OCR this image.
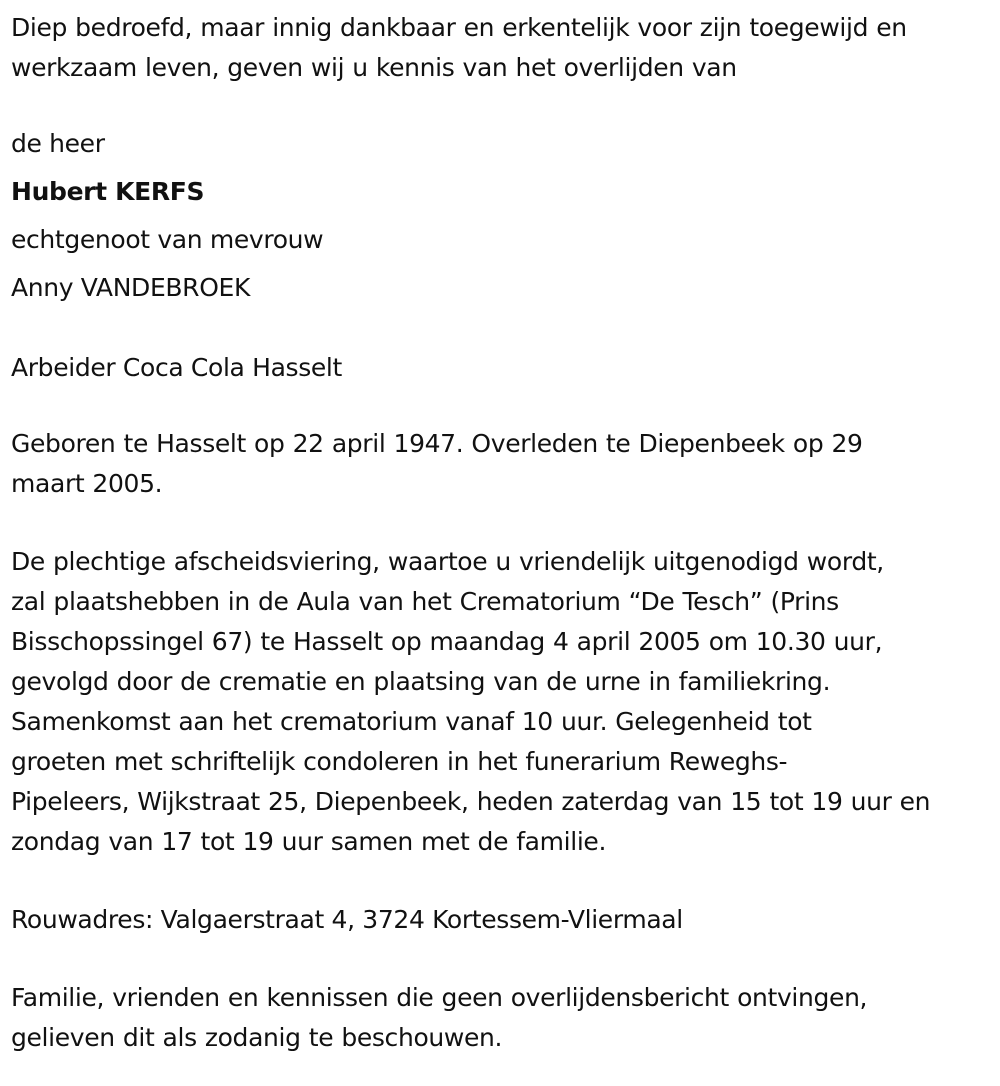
Diep bedroefd, maar innig dankbaar en erkentelijk voor zijn toegewijd en
werkzaam leven, geven wij u kennis van het overlijden van
de heer
Hubert KERFS
echtgenoot van mevrouw
Anny VANDEBROEK
Arbeider Coca Cola Hasselt
Geboren te Hasselt op 22 april 1947. Overleden te Diepenbeek op 29
maart 2005.
De plechtige afscheidsviering, waartoe u vriendelijk uitgenodigd wordt,
zal plaatshebben in de Aula van het Crematorium “De Tesch” (Prins
Bisschopssingel 67) te Hasselt op maandag 4 april 2005 om 10.30 uur,
gevolgd door de crematie en plaatsing van de urne in familiekring.
Samenkomst aan het crematorium vanaf 10 uur. Gelegenheid tot
groeten met schriftelijk condoleren in het funerarium Reweghs-
Pipeleers, Wijkstraat 25, Diepenbeek, heden zaterdag van 15 tot 19 uur en
zondag van 17 tot 19 uur samen met de familie.
Rouwadres: Valgaerstraat 4, 3724 Kortessem-Vliermaal
Familie, vrienden en kennissen die geen overlijdensbericht ontvingen,
gelieven dit als zodanig te beschouwen.
